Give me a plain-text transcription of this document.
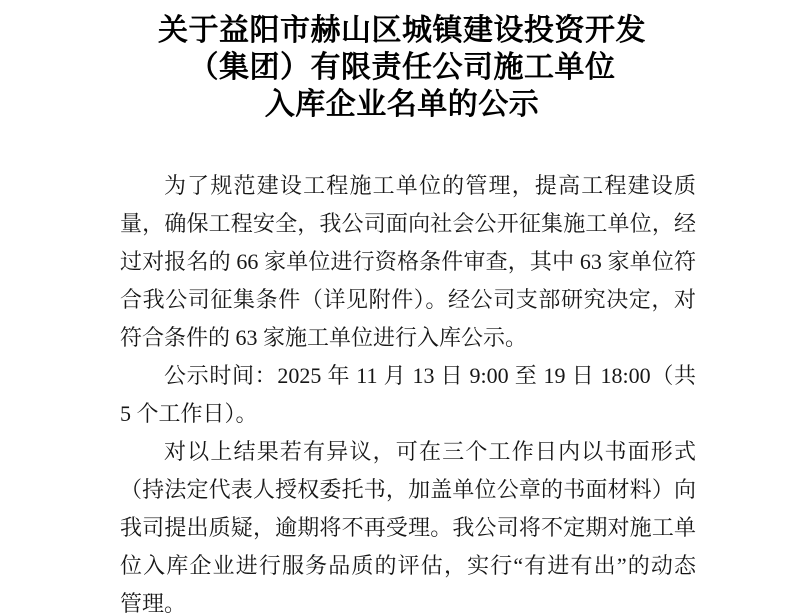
关于益阳市赫山区城镇建设投资开发
（集团）有限责任公司施工单位
入库企业名单的公示
为了规范建设工程施工单位的管理，提高工程建设质
量，确保工程安全，我公司面向社会公开征集施工单位，经
过对报名的 66 家单位进行资格条件审查，其中 63 家单位符
合我公司征集条件（详见附件）。经公司支部研究决定，对
符合条件的 63 家施工单位进行入库公示。
公示时间：2025 年 11 月 13 日 9:00 至 19 日 18:00（共
5 个工作日）。
对以上结果若有异议，可在三个工作日内以书面形式
（持法定代表人授权委托书，加盖单位公章的书面材料）向
我司提出质疑，逾期将不再受理。我公司将不定期对施工单
位入库企业进行服务品质的评估，实行“有进有出”的动态
管理。
